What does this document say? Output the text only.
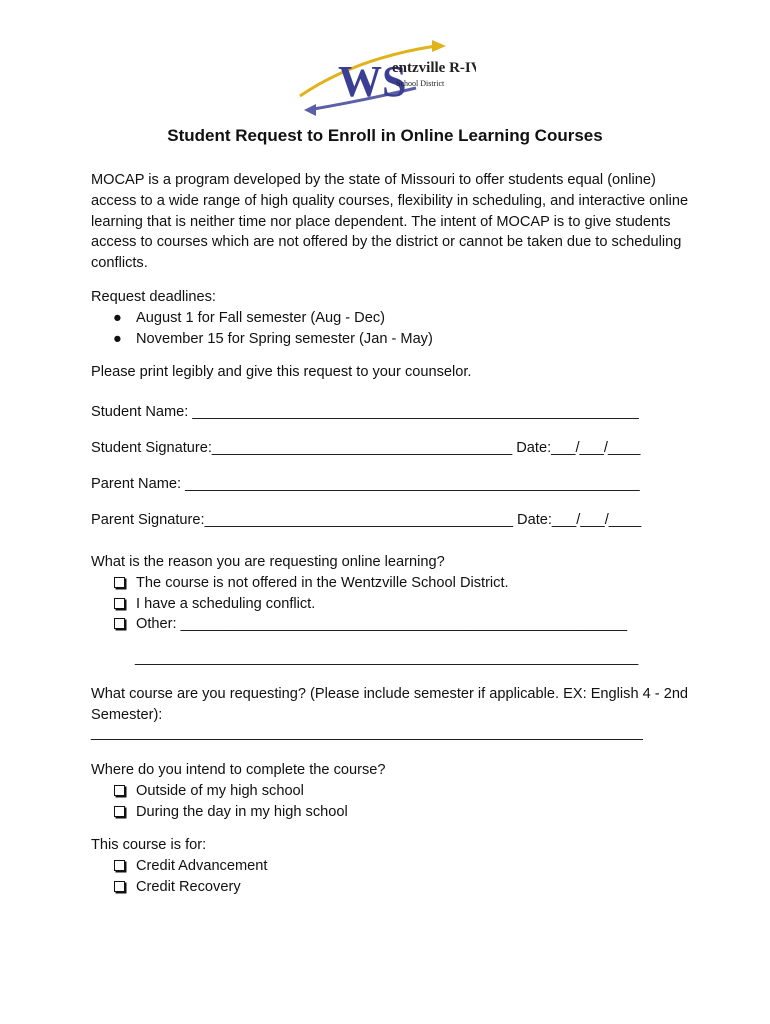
WS
entzville R-IV
School District
Student Request to Enroll in Online Learning Courses

MOCAP is a program developed by the state of Missouri to offer students equal (online) access to a wide range of high quality courses, flexibility in scheduling, and interactive online learning that is neither time nor place dependent. The intent of MOCAP is to give students access to courses which are not offered by the district or cannot be taken due to scheduling conflicts.

Request deadlines:
● August 1 for Fall semester (Aug - Dec)
● November 15 for Spring semester (Jan - May)
Please print legibly and give this request to your counselor.
Student Name: _______________________________________________________
Student Signature:_____________________________________ Date:___/___/____
Parent Name: ________________________________________________________
Parent Signature:______________________________________ Date:___/___/____
What is the reason you are requesting online learning?
The course is not offered in the Wentzville School District.
I have a scheduling conflict.
Other: _______________________________________________________
______________________________________________________________
What course are you requesting? (Please include semester if applicable. EX: English 4 - 2nd Semester):
____________________________________________________________________
Where do you intend to complete the course?
Outside of my high school
During the day in my high school
This course is for:
Credit Advancement
Credit Recovery
